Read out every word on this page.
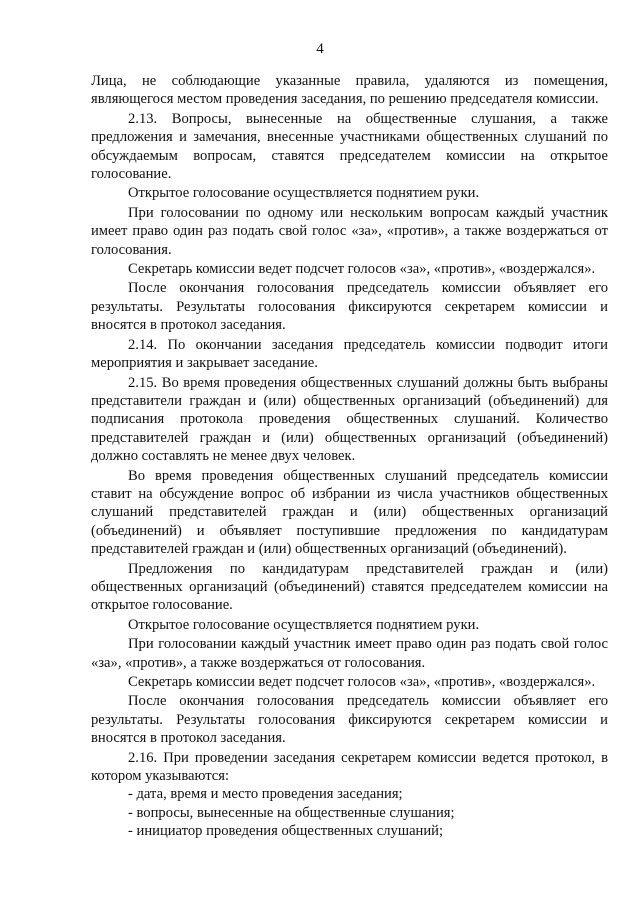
4

Лица, не соблюдающие указанные правила, удаляются из помещения, являющегося местом проведения заседания, по решению председателя комиссии.

2.13. Вопросы, вынесенные на общественные слушания, а также предложения и замечания, внесенные участниками общественных слушаний по обсуждаемым вопросам, ставятся председателем комиссии на открытое голосование.

Открытое голосование осуществляется поднятием руки.

При голосовании по одному или нескольким вопросам каждый участник имеет право один раз подать свой голос «за», «против», а также воздержаться от голосования.

Секретарь комиссии ведет подсчет голосов «за», «против», «воздержался».

После окончания голосования председатель комиссии объявляет его результаты. Результаты голосования фиксируются секретарем комиссии и вносятся в протокол заседания.

2.14. По окончании заседания председатель комиссии подводит итоги мероприятия и закрывает заседание.

2.15. Во время проведения общественных слушаний должны быть выбраны представители граждан и (или) общественных организаций (объединений) для подписания протокола проведения общественных слушаний. Количество представителей граждан и (или) общественных организаций (объединений) должно составлять не менее двух человек.

Во время проведения общественных слушаний председатель комиссии ставит на обсуждение вопрос об избрании из числа участников общественных слушаний представителей граждан и (или) общественных организаций (объединений) и объявляет поступившие предложения по кандидатурам представителей граждан и (или) общественных организаций (объединений).

Предложения по кандидатурам представителей граждан и (или) общественных организаций (объединений) ставятся председателем комиссии на открытое голосование.

Открытое голосование осуществляется поднятием руки.

При голосовании каждый участник имеет право один раз подать свой голос «за», «против», а также воздержаться от голосования.

Секретарь комиссии ведет подсчет голосов «за», «против», «воздержался».

После окончания голосования председатель комиссии объявляет его результаты. Результаты голосования фиксируются секретарем комиссии и вносятся в протокол заседания.

2.16. При проведении заседания секретарем комиссии ведется протокол, в котором указываются:

- дата, время и место проведения заседания;

- вопросы, вынесенные на общественные слушания;

- инициатор проведения общественных слушаний;
